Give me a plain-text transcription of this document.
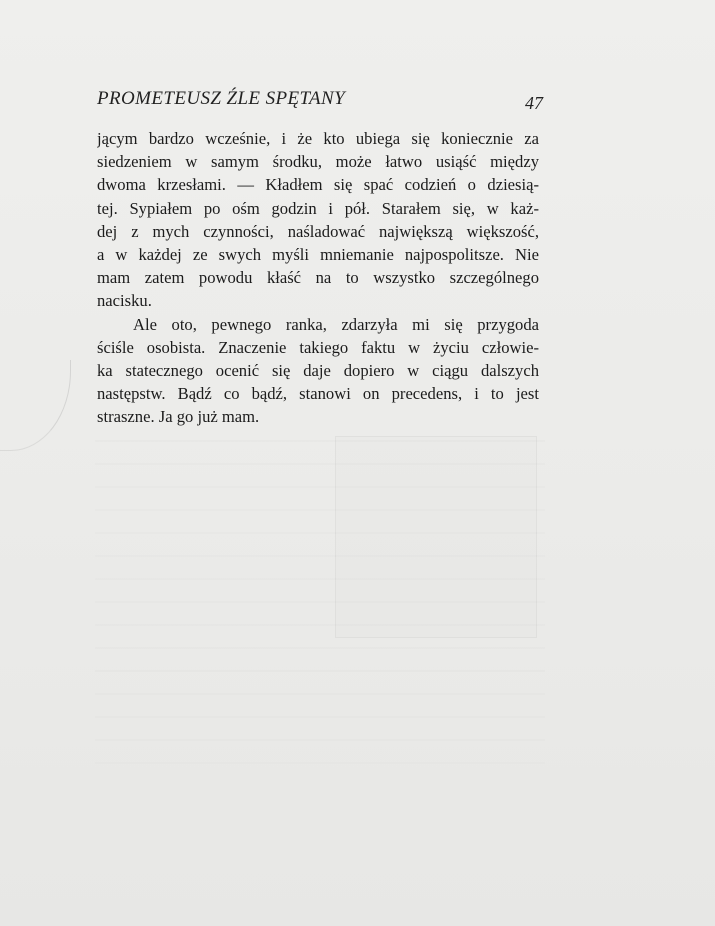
PROMETEUSZ ŹLE SPĘTANY	47
jącym bardzo wcześnie, i że kto ubiega się koniecznie za
siedzeniem w samym środku, może łatwo usiąść między
dwoma krzesłami. — Kładłem się spać codzień o dziesią-
tej. Sypiałem po ośm godzin i pół. Starałem się, w każ-
dej z mych czynności, naśladować największą większość,
a w każdej ze swych myśli mniemanie najpospolitsze. Nie
mam zatem powodu kłaść na to wszystko szczególnego
nacisku.
Ale oto, pewnego ranka, zdarzyła mi się przygoda
ściśle osobista. Znaczenie takiego faktu w życiu człowie-
ka statecznego ocenić się daje dopiero w ciągu dalszych
następstw. Bądź co bądź, stanowi on precedens, i to jest
straszne. Ja go już mam.
